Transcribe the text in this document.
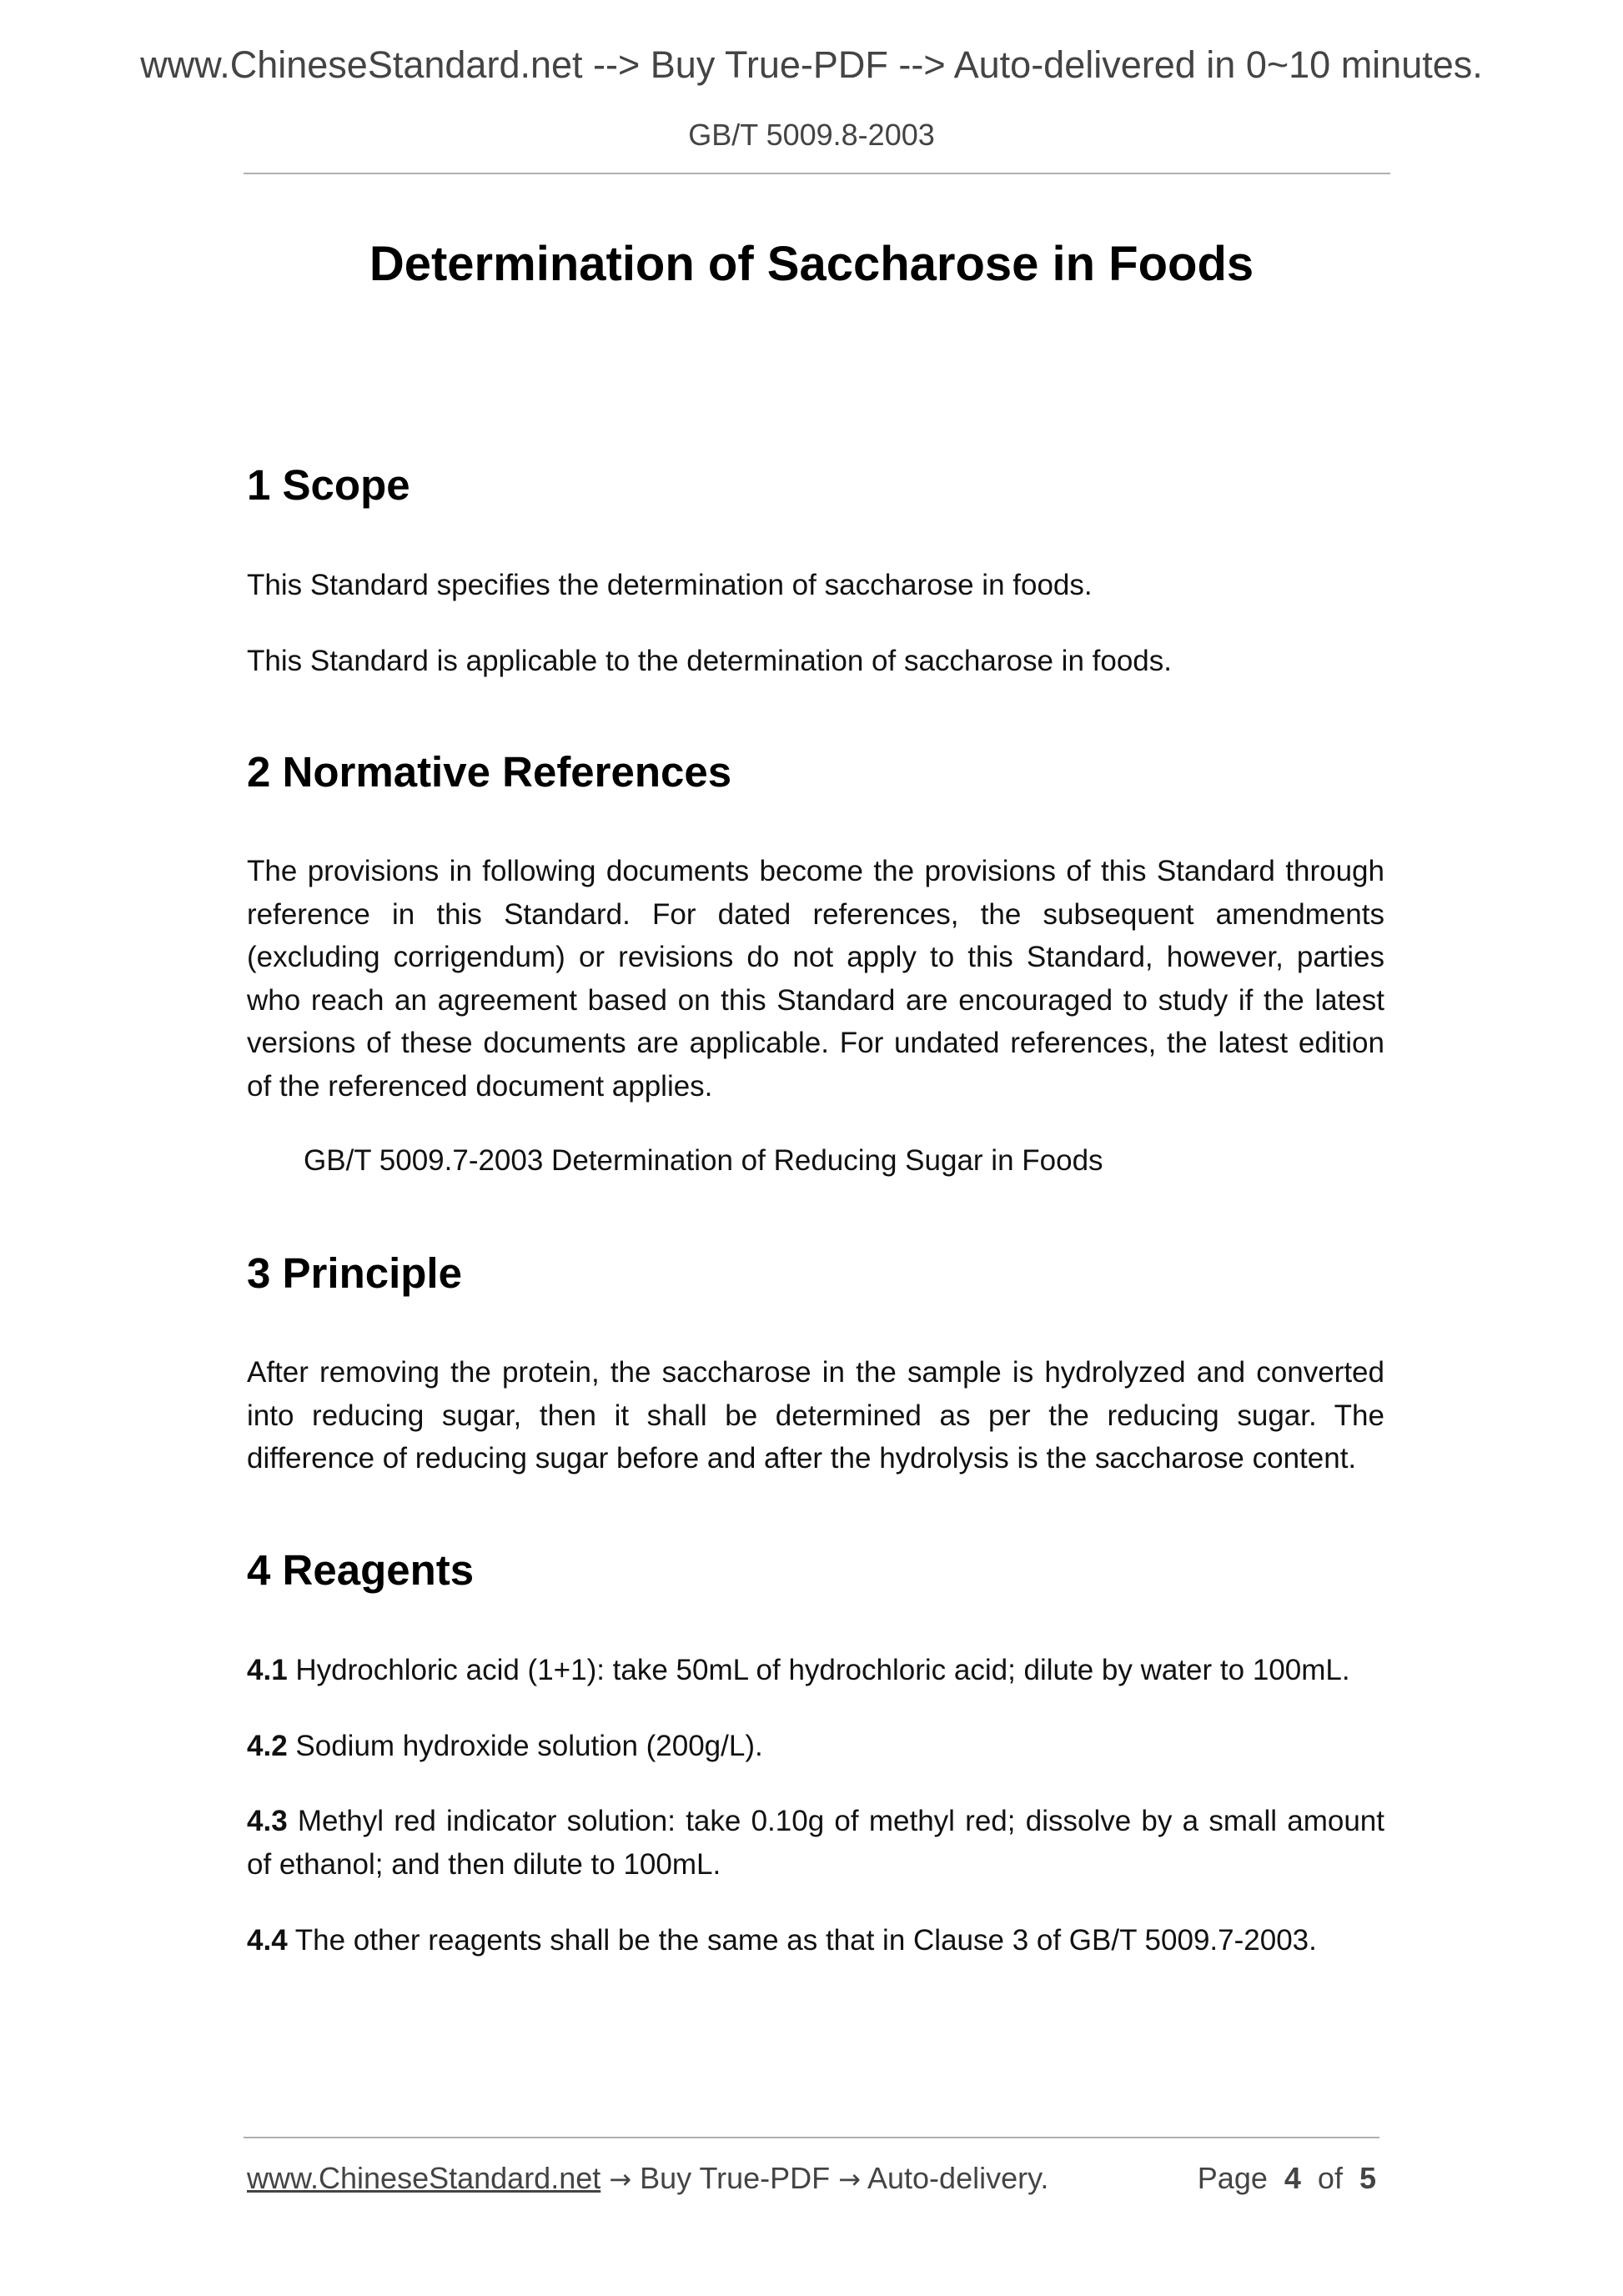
www.ChineseStandard.net --> Buy True-PDF --> Auto-delivered in 0~10 minutes.
GB/T 5009.8-2003
Determination of Saccharose in Foods
1 Scope
This Standard specifies the determination of saccharose in foods.
This Standard is applicable to the determination of saccharose in foods.
2 Normative References
The provisions in following documents become the provisions of this Standard through reference in this Standard. For dated references, the subsequent amendments (excluding corrigendum) or revisions do not apply to this Standard, however, parties who reach an agreement based on this Standard are encouraged to study if the latest versions of these documents are applicable. For undated references, the latest edition of the referenced document applies.
GB/T 5009.7-2003 Determination of Reducing Sugar in Foods
3 Principle
After removing the protein, the saccharose in the sample is hydrolyzed and converted into reducing sugar, then it shall be determined as per the reducing sugar. The difference of reducing sugar before and after the hydrolysis is the saccharose content.
4 Reagents
4.1 Hydrochloric acid (1+1): take 50mL of hydrochloric acid; dilute by water to 100mL.
4.2 Sodium hydroxide solution (200g/L).
4.3 Methyl red indicator solution: take 0.10g of methyl red; dissolve by a small amount of ethanol; and then dilute to 100mL.
4.4 The other reagents shall be the same as that in Clause 3 of GB/T 5009.7-2003.
www.ChineseStandard.net → Buy True-PDF → Auto-delivery.	Page 4 of 5
